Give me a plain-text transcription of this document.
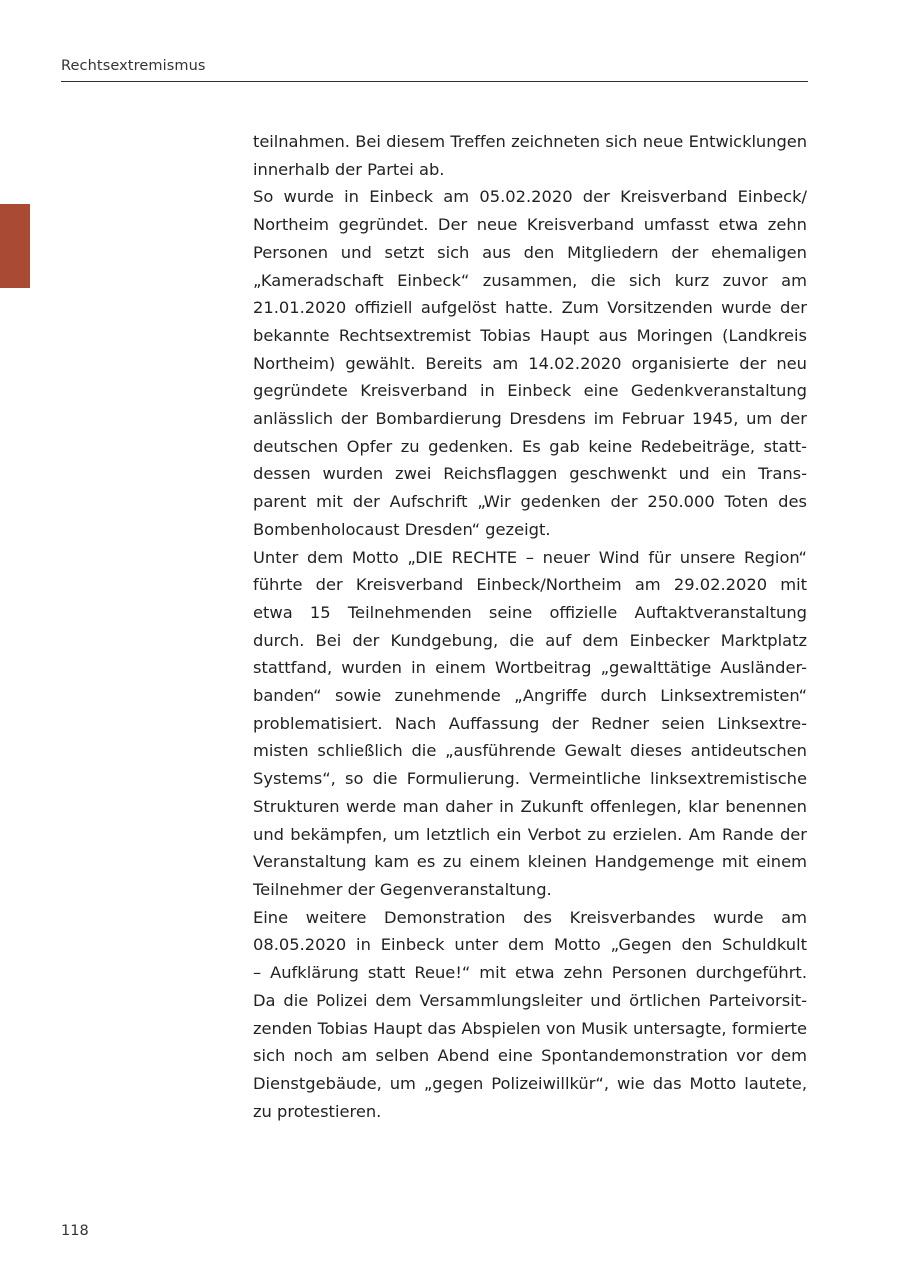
Rechtsextremismus
teilnahmen. Bei diesem Treffen zeichneten sich neue Entwicklungen
innerhalb der Partei ab.
So wurde in Einbeck am 05.02.2020 der Kreisverband Einbeck/
Northeim gegründet. Der neue Kreisverband umfasst etwa zehn
Personen und setzt sich aus den Mitgliedern der ehemaligen
„Kameradschaft Einbeck“ zusammen, die sich kurz zuvor am
21.01.2020 offiziell aufgelöst hatte. Zum Vorsitzenden wurde der
bekannte Rechtsextremist Tobias Haupt aus Moringen (Landkreis
Northeim) gewählt. Bereits am 14.02.2020 organisierte der neu
gegründete Kreisverband in Einbeck eine Gedenkveranstaltung
anlässlich der Bombardierung Dresdens im Februar 1945, um der
deutschen Opfer zu gedenken. Es gab keine Redebeiträge, statt-
dessen wurden zwei Reichsflaggen geschwenkt und ein Trans-
parent mit der Aufschrift „Wir gedenken der 250.000 Toten des
Bombenholocaust Dresden“ gezeigt.
Unter dem Motto „DIE RECHTE – neuer Wind für unsere Region“
führte der Kreisverband Einbeck/Northeim am 29.02.2020 mit
etwa 15 Teilnehmenden seine offizielle Auftaktveranstaltung
durch. Bei der Kundgebung, die auf dem Einbecker Marktplatz
stattfand, wurden in einem Wortbeitrag „gewalttätige Ausländer-
banden“ sowie zunehmende „Angriffe durch Linksextremisten“
problematisiert. Nach Auffassung der Redner seien Linksextre-
misten schließlich die „ausführende Gewalt dieses antideutschen
Systems“, so die Formulierung. Vermeintliche linksextremistische
Strukturen werde man daher in Zukunft offenlegen, klar benennen
und bekämpfen, um letztlich ein Verbot zu erzielen. Am Rande der
Veranstaltung kam es zu einem kleinen Handgemenge mit einem
Teilnehmer der Gegenveranstaltung.
Eine weitere Demonstration des Kreisverbandes wurde am
08.05.2020 in Einbeck unter dem Motto „Gegen den Schuldkult
– Aufklärung statt Reue!“ mit etwa zehn Personen durchgeführt.
Da die Polizei dem Versammlungsleiter und örtlichen Parteivorsit-
zenden Tobias Haupt das Abspielen von Musik untersagte, formierte
sich noch am selben Abend eine Spontandemonstration vor dem
Dienstgebäude, um „gegen Polizeiwillkür“, wie das Motto lautete,
zu protestieren.
118
